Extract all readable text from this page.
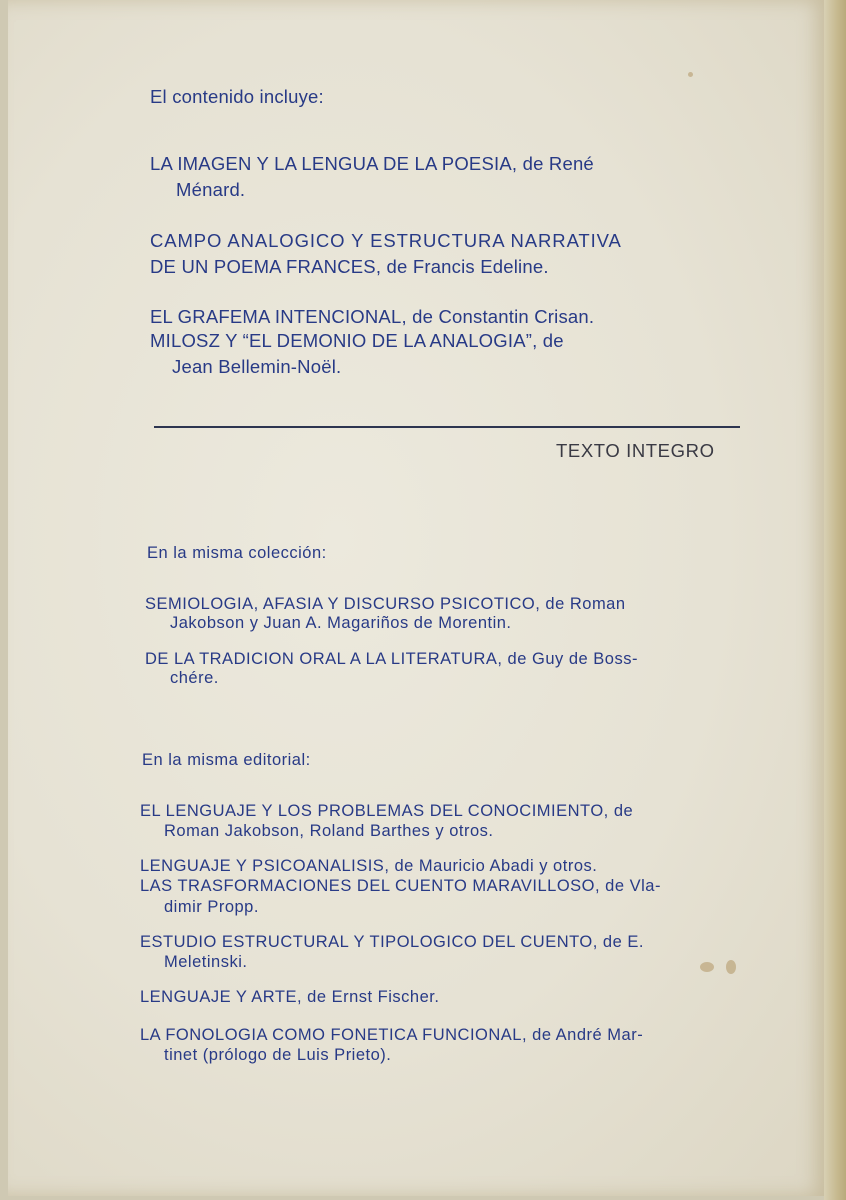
El contenido incluye:
LA IMAGEN Y LA LENGUA DE LA POESIA, de René
Ménard.
CAMPO ANALOGICO Y ESTRUCTURA NARRATIVA
DE UN POEMA FRANCES, de Francis Edeline.
EL GRAFEMA INTENCIONAL, de Constantin Crisan.
MILOSZ Y “EL DEMONIO DE LA ANALOGIA”, de
Jean Bellemin-Noël.
TEXTO INTEGRO
En la misma colección:
SEMIOLOGIA, AFASIA Y DISCURSO PSICOTICO, de Roman
Jakobson y Juan A. Magariños de Morentin.
DE LA TRADICION ORAL A LA LITERATURA, de Guy de Boss-
chére.
En la misma editorial:
EL LENGUAJE Y LOS PROBLEMAS DEL CONOCIMIENTO, de
Roman Jakobson, Roland Barthes y otros.
LENGUAJE Y PSICOANALISIS, de Mauricio Abadi y otros.
LAS TRASFORMACIONES DEL CUENTO MARAVILLOSO, de Vla-
dimir Propp.
ESTUDIO ESTRUCTURAL Y TIPOLOGICO DEL CUENTO, de E.
Meletinski.
LENGUAJE Y ARTE, de Ernst Fischer.
LA FONOLOGIA COMO FONETICA FUNCIONAL, de André Mar-
tinet (prólogo de Luis Prieto).
